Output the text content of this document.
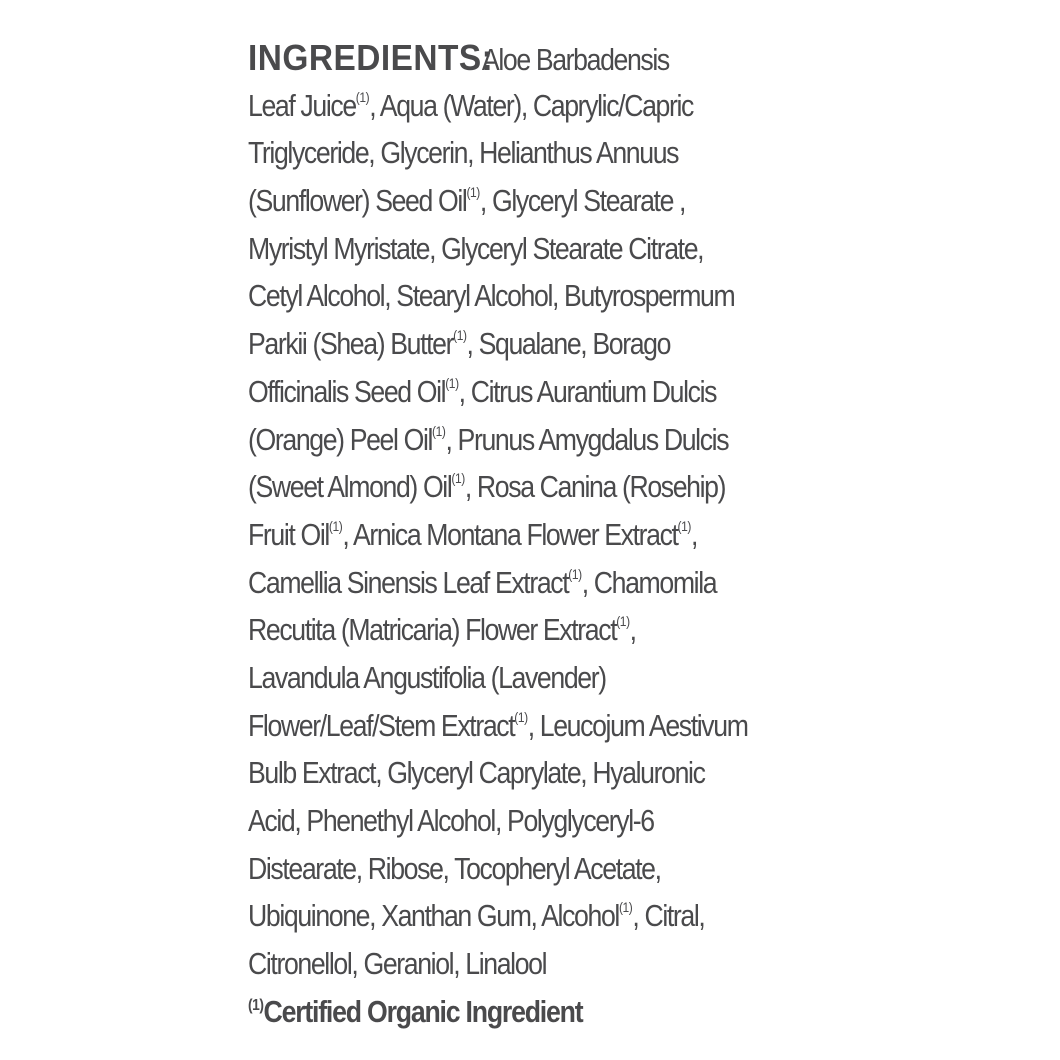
INGREDIENTS:Aloe Barbadensis
Leaf Juice$^{(1)}$, Aqua (Water), Caprylic/Capric
Triglyceride, Glycerin, Helianthus Annuus
(Sunflower) Seed Oil$^{(1)}$, Glyceryl Stearate ,
Myristyl Myristate, Glyceryl Stearate Citrate,
Cetyl Alcohol, Stearyl Alcohol, Butyrospermum
Parkii (Shea) Butter$^{(1)}$, Squalane, Borago
Officinalis Seed Oil$^{(1)}$, Citrus Aurantium Dulcis
(Orange) Peel Oil$^{(1)}$, Prunus Amygdalus Dulcis
(Sweet Almond) Oil$^{(1)}$, Rosa Canina (Rosehip)
Fruit Oil$^{(1)}$, Arnica Montana Flower Extract$^{(1)}$,
Camellia Sinensis Leaf Extract$^{(1)}$, Chamomila
Recutita (Matricaria) Flower Extract$^{(1)}$,
Lavandula Angustifolia (Lavender)
Flower/Leaf/Stem Extract$^{(1)}$, Leucojum Aestivum
Bulb Extract, Glyceryl Caprylate, Hyaluronic
Acid, Phenethyl Alcohol, Polyglyceryl-6
Distearate, Ribose, Tocopheryl Acetate,
Ubiquinone, Xanthan Gum, Alcohol$^{(1)}$, Citral,
Citronellol, Geraniol, Linalool
$^{(1)}$Certified Organic Ingredient
